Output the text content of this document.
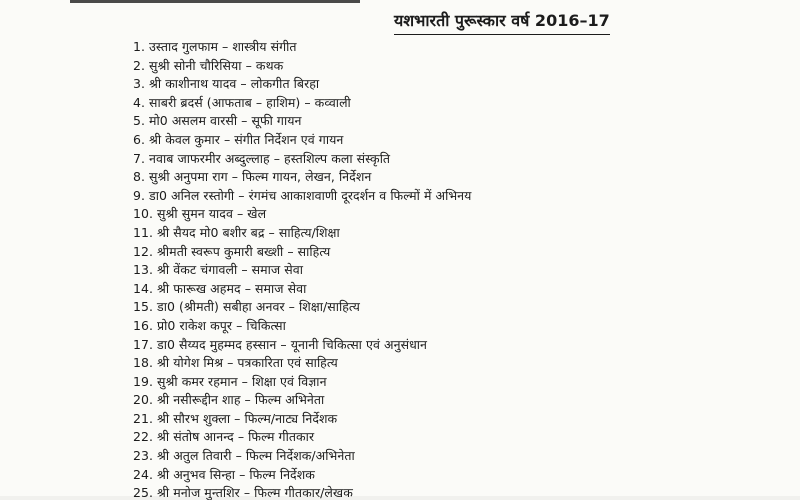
यशभारती पुरूस्कार वर्ष 2016–17
1. उस्ताद गुलफाम – शास्त्रीय संगीत
2. सुश्री सोनी चौरिसिया – कथक
3. श्री काशीनाथ यादव – लोकगीत बिरहा
4. साबरी ब्रदर्स (आफताब – हाशिम) – कव्वाली
5. मो0 असलम वारसी – सूफी गायन
6. श्री केवल कुमार – संगीत निर्देशन एवं गायन
7. नवाब जाफरमीर अब्दुल्लाह – हस्तशिल्प कला संस्कृति
8. सुश्री अनुपमा राग – फिल्म गायन, लेखन, निर्देशन
9. डा0 अनिल रस्तोगी – रंगमंच आकाशवाणी दूरदर्शन व फिल्मों में अभिनय
10. सुश्री सुमन यादव – खेल
11. श्री सैयद मो0 बशीर बद्र – साहित्य/शिक्षा
12. श्रीमती स्वरूप कुमारी बख्शी – साहित्य
13. श्री वेंकट चंगावली – समाज सेवा
14. श्री फारूख अहमद – समाज सेवा
15. डा0 (श्रीमती) सबीहा अनवर – शिक्षा/साहित्य
16. प्रो0 राकेश कपूर – चिकित्सा
17. डा0 सैय्यद मुहम्मद हस्सान – यूनानी चिकित्सा एवं अनुसंधान
18. श्री योगेश मिश्र – पत्रकारिता एवं साहित्य
19. सुश्री कमर रहमान – शिक्षा एवं विज्ञान
20. श्री नसीरूद्दीन शाह – फिल्म अभिनेता
21. श्री सौरभ शुक्ला – फिल्म/नाट्य निर्देशक
22. श्री संतोष आनन्द – फिल्म गीतकार
23. श्री अतुल तिवारी – फिल्म निर्देशक/अभिनेता
24. श्री अनुभव सिन्हा – फिल्म निर्देशक
25. श्री मनोज मुन्तशिर – फिल्म गीतकार/लेखक
